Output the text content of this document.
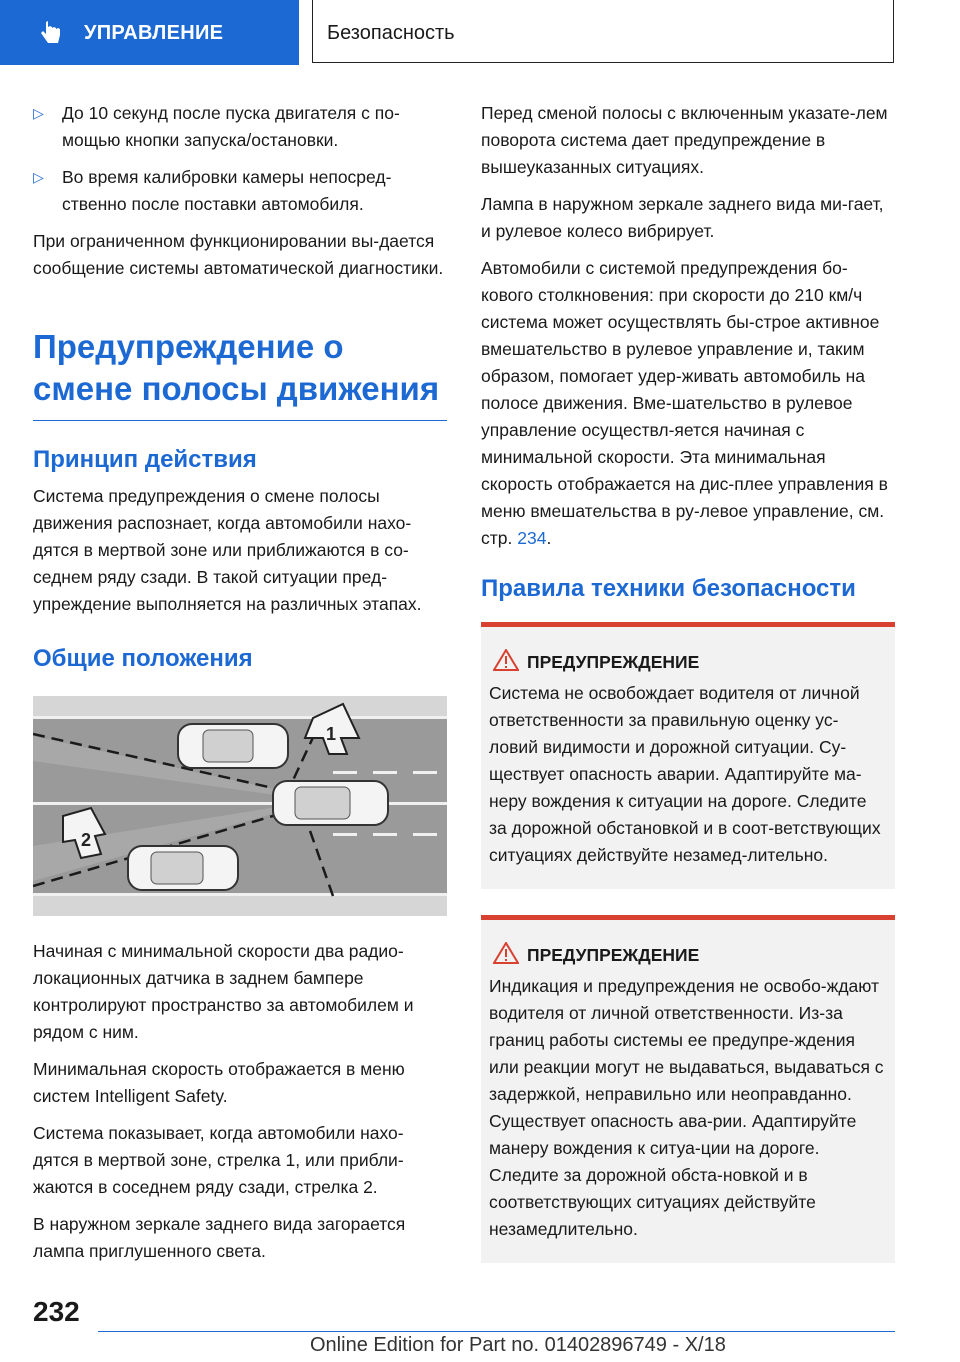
УПРАВЛЕНИЕ	Безопасность
▷ До 10 секунд после пуска двигателя с по-мощью кнопки запуска/остановки.
▷ Во время калибровки камеры непосред-ственно после поставки автомобиля.

При ограниченном функционировании вы-дается сообщение системы автоматической диагностики.

Предупреждение о смене полосы движения
Принцип действия

Система предупреждения о смене полосы движения распознает, когда автомобили нахо-дятся в мертвой зоне или приближаются в со-седнем ряду сзади. В такой ситуации пред-упреждение выполняется на различных этапах.

Общие положения
1
2

Начиная с минимальной скорости два радио-локационных датчика в заднем бампере контролируют пространство за автомобилем и рядом с ним.

Минимальная скорость отображается в меню систем Intelligent Safety.

Система показывает, когда автомобили нахо-дятся в мертвой зоне, стрелка 1, или прибли-жаются в соседнем ряду сзади, стрелка 2.

В наружном зеркале заднего вида загорается лампа приглушенного света.

Перед сменой полосы с включенным указате-лем поворота система дает предупреждение в вышеуказанных ситуациях.

Лампа в наружном зеркале заднего вида ми-гает, и рулевое колесо вибрирует.

Автомобили с системой предупреждения бо-кового столкновения: при скорости до 210 км/ч система может осуществлять бы-строе активное вмешательство в рулевое управление и, таким образом, помогает удер-живать автомобиль на полосе движения. Вме-шательство в рулевое управление осуществл-яется начиная с минимальной скорости. Эта минимальная скорость отображается на дис-плее управления в меню вмешательства в ру-левое управление, см. стр. 234.

Правила техники безопасности
ПРЕДУПРЕЖДЕНИЕ

Система не освобождает водителя от личной ответственности за правильную оценку ус-ловий видимости и дорожной ситуации. Су-ществует опасность аварии. Адаптируйте ма-неру вождения к ситуации на дороге. Следите за дорожной обстановкой и в соот-ветствующих ситуациях действуйте незамед-лительно.

ПРЕДУПРЕЖДЕНИЕ

Индикация и предупреждения не освобо-ждают водителя от личной ответственности. Из-за границ работы системы ее предупре-ждения или реакции могут не выдаваться, выдаваться с задержкой, неправильно или неоправданно. Существует опасность ава-рии. Адаптируйте манеру вождения к ситуа-ции на дороге. Следите за дорожной обста-новкой и в соответствующих ситуациях действуйте незамедлительно.

232
Online Edition for Part no. 01402896749 - X/18
